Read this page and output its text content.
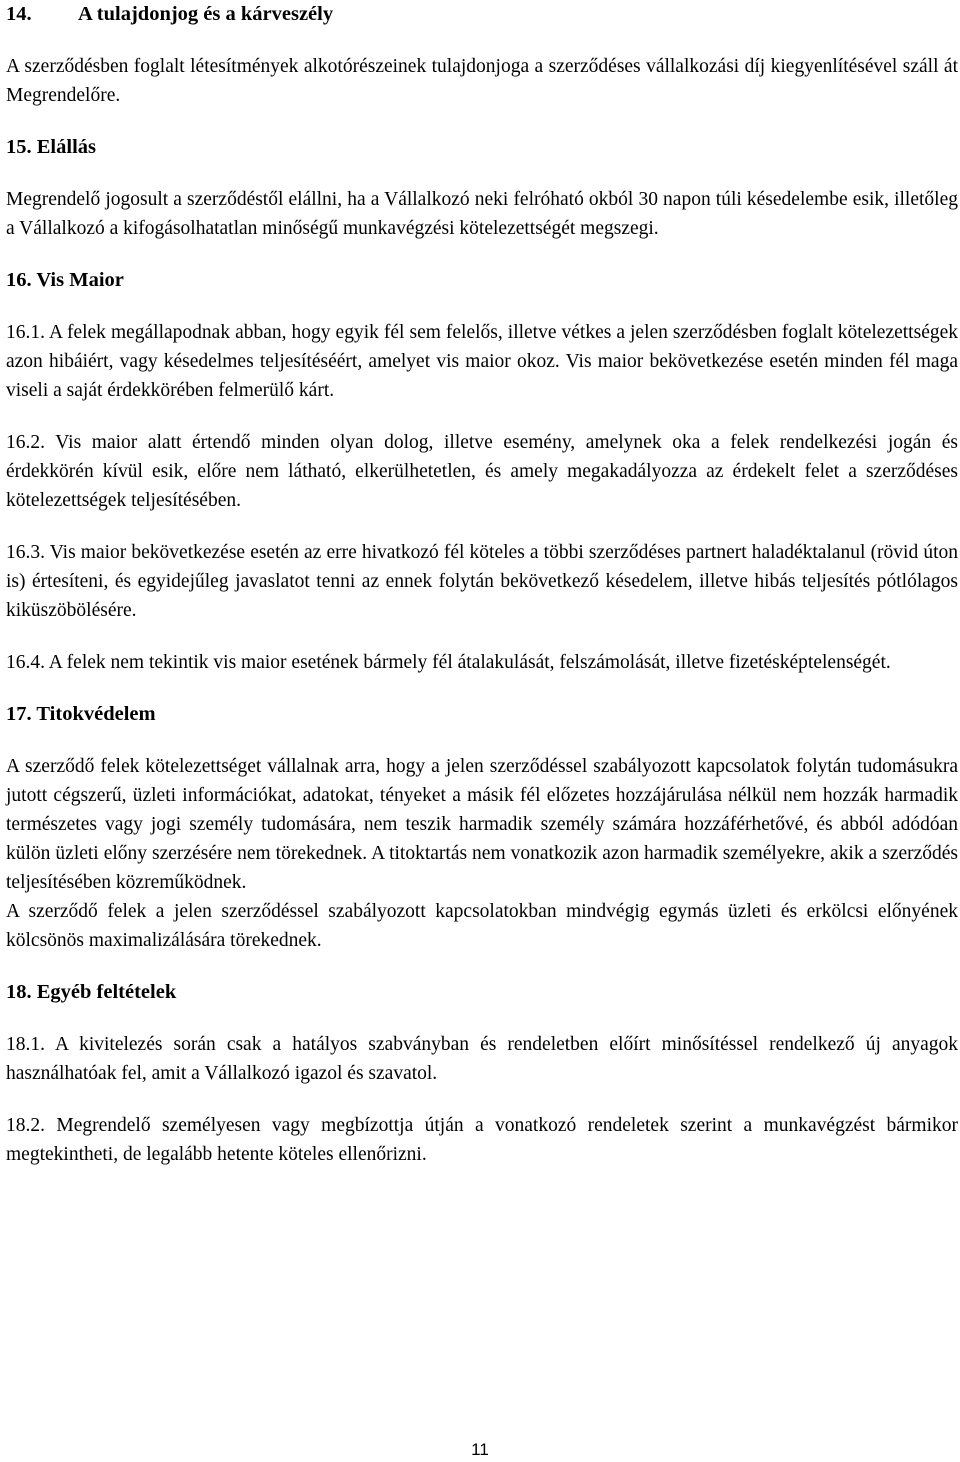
14. A tulajdonjog és a kárveszély

A szerződésben foglalt létesítmények alkotórészeinek tulajdonjoga a szerződéses vállalkozási díj kiegyenlítésével száll át Megrendelőre.

15. Elállás

Megrendelő jogosult a szerződéstől elállni, ha a Vállalkozó neki felróható okból 30 napon túli késedelembe esik, illetőleg a Vállalkozó a kifogásolhatatlan minőségű munkavégzési kötelezettségét megszegi.

16. Vis Maior

16.1. A felek megállapodnak abban, hogy egyik fél sem felelős, illetve vétkes a jelen szerződésben foglalt kötelezettségek azon hibáiért, vagy késedelmes teljesítéséért, amelyet vis maior okoz. Vis maior bekövetkezése esetén minden fél maga viseli a saját érdekkörében felmerülő kárt.

16.2. Vis maior alatt értendő minden olyan dolog, illetve esemény, amelynek oka a felek rendelkezési jogán és érdekkörén kívül esik, előre nem látható, elkerülhetetlen, és amely megakadályozza az érdekelt felet a szerződéses kötelezettségek teljesítésében.

16.3. Vis maior bekövetkezése esetén az erre hivatkozó fél köteles a többi szerződéses partnert haladéktalanul (rövid úton is) értesíteni, és egyidejűleg javaslatot tenni az ennek folytán bekövetkező késedelem, illetve hibás teljesítés pótlólagos kiküszöbölésére.

16.4. A felek nem tekintik vis maior esetének bármely fél átalakulását, felszámolását, illetve fizetésképtelenségét.

17. Titokvédelem

A szerződő felek kötelezettséget vállalnak arra, hogy a jelen szerződéssel szabályozott kapcsolatok folytán tudomásukra jutott cégszerű, üzleti információkat, adatokat, tényeket a másik fél előzetes hozzájárulása nélkül nem hozzák harmadik természetes vagy jogi személy tudomására, nem teszik harmadik személy számára hozzáférhetővé, és abból adódóan külön üzleti előny szerzésére nem törekednek. A titoktartás nem vonatkozik azon harmadik személyekre, akik a szerződés teljesítésében közreműködnek.

A szerződő felek a jelen szerződéssel szabályozott kapcsolatokban mindvégig egymás üzleti és erkölcsi előnyének kölcsönös maximalizálására törekednek.

18. Egyéb feltételek

18.1. A kivitelezés során csak a hatályos szabványban és rendeletben előírt minősítéssel rendelkező új anyagok használhatóak fel, amit a Vállalkozó igazol és szavatol.

18.2. Megrendelő személyesen vagy megbízottja útján a vonatkozó rendeletek szerint a munkavégzést bármikor megtekintheti, de legalább hetente köteles ellenőrizni.

11
